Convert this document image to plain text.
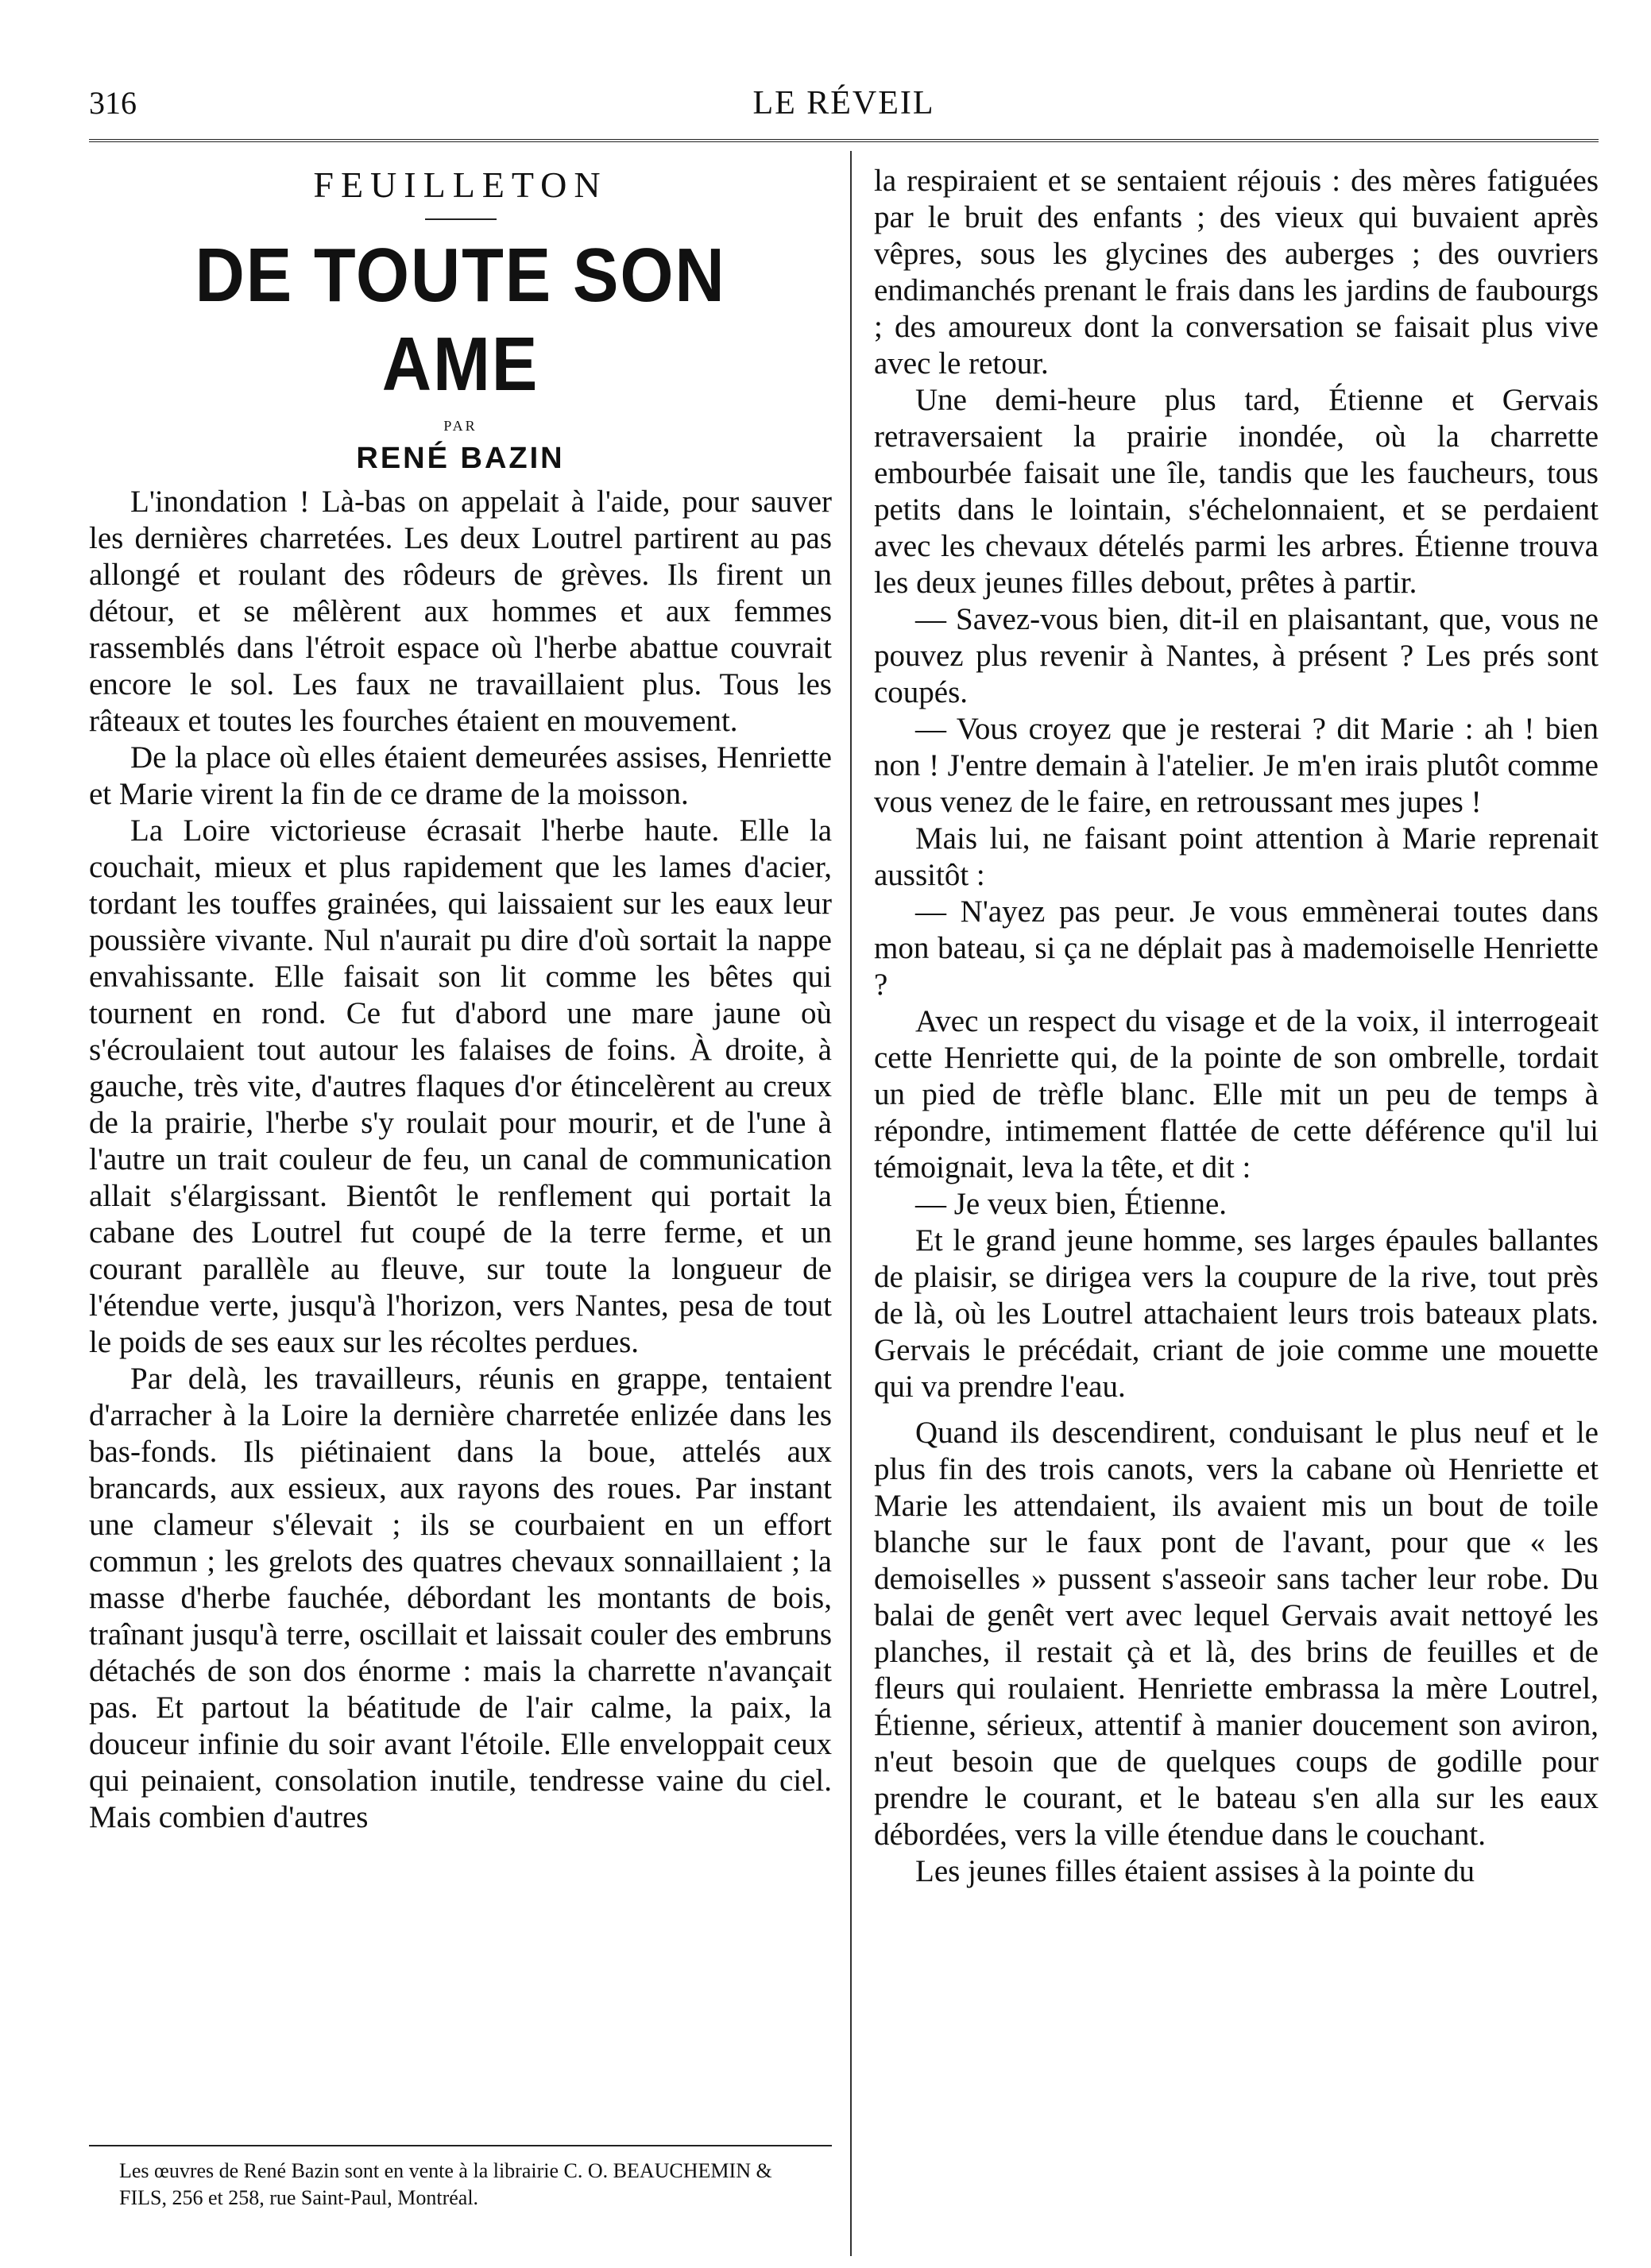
316	LE RÉVEIL

FEUILLETON

DE TOUTE SON AME

PAR
RENÉ BAZIN

L'inondation ! Là-bas on appelait à l'aide, pour sauver les dernières charretées. Les deux Loutrel partirent au pas allongé et roulant des rôdeurs de grèves. Ils firent un détour, et se mêlèrent aux hommes et aux femmes rassemblés dans l'étroit espace où l'herbe abattue couvrait encore le sol. Les faux ne travaillaient plus. Tous les râteaux et toutes les fourches étaient en mouvement.

De la place où elles étaient demeurées assises, Henriette et Marie virent la fin de ce drame de la moisson.

La Loire victorieuse écrasait l'herbe haute. Elle la couchait, mieux et plus rapidement que les lames d'acier, tordant les touffes grainées, qui laissaient sur les eaux leur poussière vivante. Nul n'aurait pu dire d'où sortait la nappe envahissante. Elle faisait son lit comme les bêtes qui tournent en rond. Ce fut d'abord une mare jaune où s'écroulaient tout autour les falaises de foins. À droite, à gauche, très vite, d'autres flaques d'or étincelèrent au creux de la prairie, l'herbe s'y roulait pour mourir, et de l'une à l'autre un trait couleur de feu, un canal de communication allait s'élargissant. Bientôt le renflement qui portait la cabane des Loutrel fut coupé de la terre ferme, et un courant parallèle au fleuve, sur toute la longueur de l'étendue verte, jusqu'à l'horizon, vers Nantes, pesa de tout le poids de ses eaux sur les récoltes perdues.

Par delà, les travailleurs, réunis en grappe, tentaient d'arracher à la Loire la dernière charretée enlizée dans les bas-fonds. Ils piétinaient dans la boue, attelés aux brancards, aux essieux, aux rayons des roues. Par instant une clameur s'élevait ; ils se courbaient en un effort commun ; les grelots des quatres chevaux sonnaillaient ; la masse d'herbe fauchée, débordant les montants de bois, traînant jusqu'à terre, oscillait et laissait couler des embruns détachés de son dos énorme : mais la charrette n'avançait pas. Et partout la béatitude de l'air calme, la paix, la douceur infinie du soir avant l'étoile. Elle enveloppait ceux qui peinaient, consolation inutile, tendresse vaine du ciel. Mais combien d'autres

la respiraient et se sentaient réjouis : des mères fatiguées par le bruit des enfants ; des vieux qui buvaient après vêpres, sous les glycines des auberges ; des ouvriers endimanchés prenant le frais dans les jardins de faubourgs ; des amoureux dont la conversation se faisait plus vive avec le retour.

Une demi-heure plus tard, Étienne et Gervais retraversaient la prairie inondée, où la charrette embourbée faisait une île, tandis que les faucheurs, tous petits dans le lointain, s'échelonnaient, et se perdaient avec les chevaux dételés parmi les arbres. Étienne trouva les deux jeunes filles debout, prêtes à partir.

— Savez-vous bien, dit-il en plaisantant, que, vous ne pouvez plus revenir à Nantes, à présent ? Les prés sont coupés.

— Vous croyez que je resterai ? dit Marie : ah ! bien non ! J'entre demain à l'atelier. Je m'en irais plutôt comme vous venez de le faire, en retroussant mes jupes !

Mais lui, ne faisant point attention à Marie reprenait aussitôt :

— N'ayez pas peur. Je vous emmènerai toutes dans mon bateau, si ça ne déplait pas à mademoiselle Henriette ?

Avec un respect du visage et de la voix, il interrogeait cette Henriette qui, de la pointe de son ombrelle, tordait un pied de trèfle blanc. Elle mit un peu de temps à répondre, intimement flattée de cette déférence qu'il lui témoignait, leva la tête, et dit :

— Je veux bien, Étienne.

Et le grand jeune homme, ses larges épaules ballantes de plaisir, se dirigea vers la coupure de la rive, tout près de là, où les Loutrel attachaient leurs trois bateaux plats. Gervais le précédait, criant de joie comme une mouette qui va prendre l'eau.

Quand ils descendirent, conduisant le plus neuf et le plus fin des trois canots, vers la cabane où Henriette et Marie les attendaient, ils avaient mis un bout de toile blanche sur le faux pont de l'avant, pour que « les demoiselles » pussent s'asseoir sans tacher leur robe. Du balai de genêt vert avec lequel Gervais avait nettoyé les planches, il restait çà et là, des brins de feuilles et de fleurs qui roulaient. Henriette embrassa la mère Loutrel, Étienne, sérieux, attentif à manier doucement son aviron, n'eut besoin que de quelques coups de godille pour prendre le courant, et le bateau s'en alla sur les eaux débordées, vers la ville étendue dans le couchant.

Les jeunes filles étaient assises à la pointe du

Les œuvres de René Bazin sont en vente à la librairie C. O. BEAUCHEMIN & FILS, 256 et 258, rue Saint-Paul, Montréal.
